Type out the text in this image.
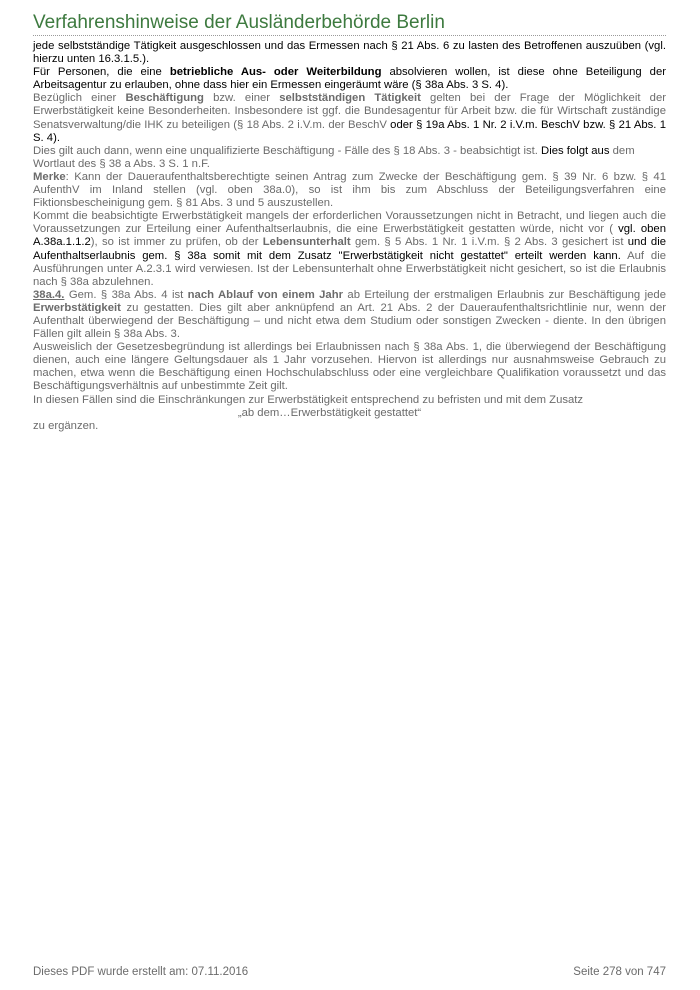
Verfahrenshinweise der Ausländerbehörde Berlin

jede selbstständige Tätigkeit ausgeschlossen und das Ermessen nach § 21 Abs. 6 zu lasten des Betroffenen auszuüben (vgl. hierzu unten 16.3.1.5.).

Für Personen, die eine betriebliche Aus- oder Weiterbildung absolvieren wollen, ist diese ohne Beteiligung der Arbeitsagentur zu erlauben, ohne dass hier ein Ermessen eingeräumt wäre (§ 38a Abs. 3 S. 4).

Bezüglich einer Beschäftigung bzw. einer selbstständigen Tätigkeit gelten bei der Frage der Möglichkeit der Erwerbstätigkeit keine Besonderheiten. Insbesondere ist ggf. die Bundesagentur für Arbeit bzw. die für Wirtschaft zuständige Senatsverwaltung/die IHK zu beteiligen (§ 18 Abs. 2 i.V.m. der BeschV oder § 19a Abs. 1 Nr. 2 i.V.m. BeschV bzw. § 21 Abs. 1 S. 4).

Dies gilt auch dann, wenn eine unqualifizierte Beschäftigung - Fälle des § 18 Abs. 3 - beabsichtigt ist. Dies folgt aus dem Wortlaut des § 38 a Abs. 3 S. 1 n.F.

Merke: Kann der Daueraufenthaltsberechtigte seinen Antrag zum Zwecke der Beschäftigung gem. § 39 Nr. 6 bzw. § 41 AufenthV im Inland stellen (vgl. oben 38a.0), so ist ihm bis zum Abschluss der Beteiligungsverfahren eine Fiktionsbescheinigung gem. § 81 Abs. 3 und 5 auszustellen.

Kommt die beabsichtigte Erwerbstätigkeit mangels der erforderlichen Voraussetzungen nicht in Betracht, und liegen auch die Voraussetzungen zur Erteilung einer Aufenthaltserlaubnis, die eine Erwerbstätigkeit gestatten würde, nicht vor ( vgl. oben A.38a.1.1.2), so ist immer zu prüfen, ob der Lebensunterhalt gem. § 5 Abs. 1 Nr. 1 i.V.m. § 2 Abs. 3 gesichert ist und die Aufenthaltserlaubnis gem. § 38a somit mit dem Zusatz "Erwerbstätigkeit nicht gestattet" erteilt werden kann. Auf die Ausführungen unter A.2.3.1 wird verwiesen. Ist der Lebensunterhalt ohne Erwerbstätigkeit nicht gesichert, so ist die Erlaubnis nach § 38a abzulehnen.

38a.4. Gem. § 38a Abs. 4 ist nach Ablauf von einem Jahr ab Erteilung der erstmaligen Erlaubnis zur Beschäftigung jede Erwerbstätigkeit zu gestatten. Dies gilt aber anknüpfend an Art. 21 Abs. 2 der Daueraufenthaltsrichtlinie nur, wenn der Aufenthalt überwiegend der Beschäftigung – und nicht etwa dem Studium oder sonstigen Zwecken - diente. In den übrigen Fällen gilt allein § 38a Abs. 3.

Ausweislich der Gesetzesbegründung ist allerdings bei Erlaubnissen nach § 38a Abs. 1, die überwiegend der Beschäftigung dienen, auch eine längere Geltungsdauer als 1 Jahr vorzusehen. Hiervon ist allerdings nur ausnahmsweise Gebrauch zu machen, etwa wenn die Beschäftigung einen Hochschulabschluss oder eine vergleichbare Qualifikation voraussetzt und das Beschäftigungsverhältnis auf unbestimmte Zeit gilt.

In diesen Fällen sind die Einschränkungen zur Erwerbstätigkeit entsprechend zu befristen und mit dem Zusatz
„ab dem…Erwerbstätigkeit gestattet“
zu ergänzen.

Dieses PDF wurde erstellt am: 07.11.2016	Seite 278 von 747
